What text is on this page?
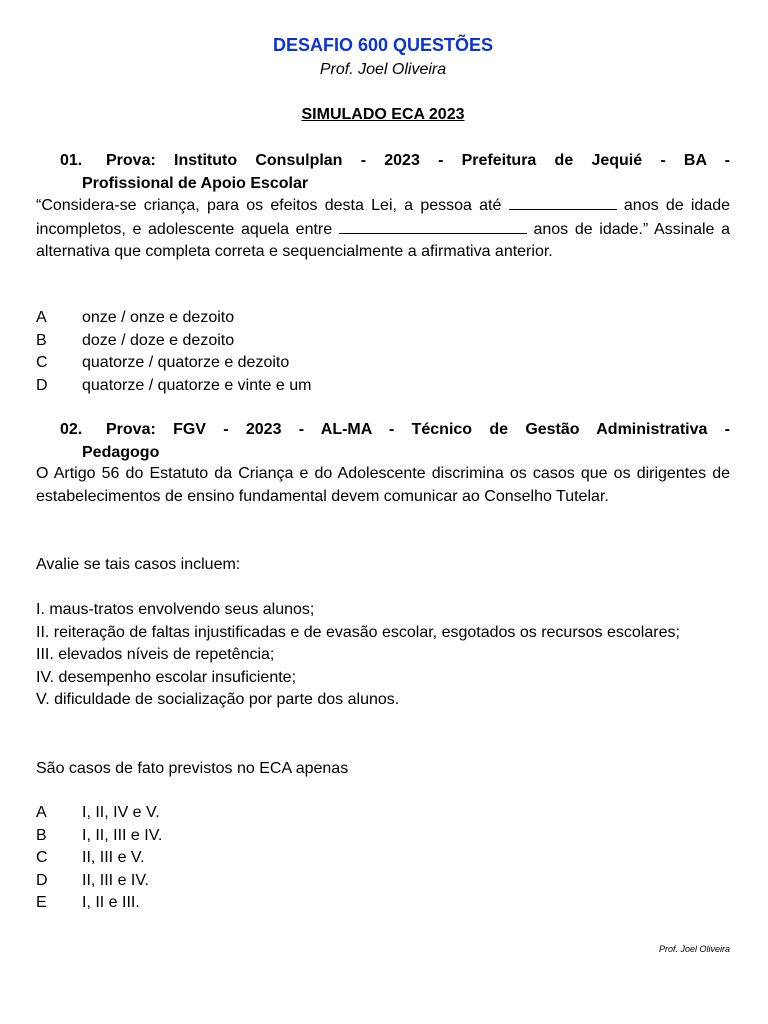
DESAFIO 600 QUESTÕES
Prof. Joel Oliveira
SIMULADO ECA 2023
01. Prova: Instituto Consulplan - 2023 - Prefeitura de Jequié - BA -
Profissional de Apoio Escolar
“Considera-se criança, para os efeitos desta Lei, a pessoa até	anos de idade incompletos, e adolescente aquela entre	anos de idade.” Assinale a alternativa que completa correta e sequencialmente a afirmativa anterior.
A onze / onze e dezoito
B doze / doze e dezoito
C quatorze / quatorze e dezoito
D quatorze / quatorze e vinte e um
02. Prova: FGV - 2023 - AL-MA - Técnico de Gestão Administrativa -
Pedagogo
O Artigo 56 do Estatuto da Criança e do Adolescente discrimina os casos que os dirigentes de estabelecimentos de ensino fundamental devem comunicar ao Conselho Tutelar.
Avalie se tais casos incluem:
I. maus-tratos envolvendo seus alunos;
II. reiteração de faltas injustificadas e de evasão escolar, esgotados os recursos escolares;
III. elevados níveis de repetência;
IV. desempenho escolar insuficiente;
V. dificuldade de socialização por parte dos alunos.
São casos de fato previstos no ECA apenas
A I, II, IV e V.
B I, II, III e IV.
C II, III e V.
D II, III e IV.
E I, II e III.
Prof. Joel Oliveira
